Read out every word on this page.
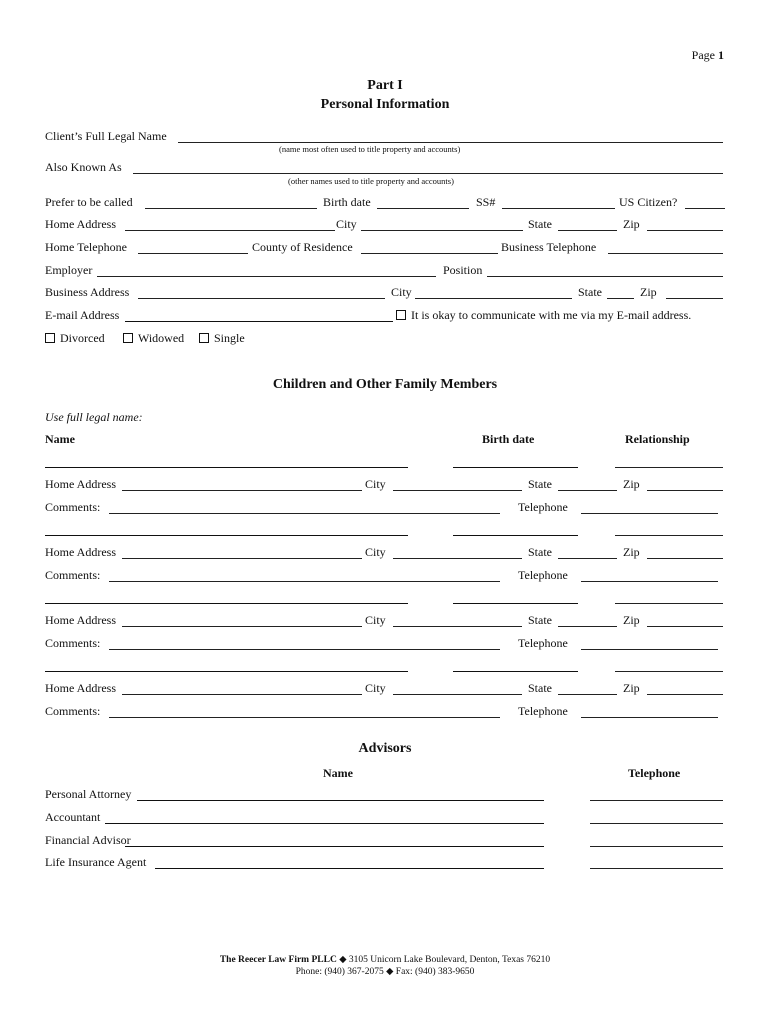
Page 1
Part I
Personal Information
Client’s Full Legal Name
(name most often used to title property and accounts)
Also Known As
(other names used to title property and accounts)
Prefer to be called	Birth date	SS#	US Citizen?
Home Address	City	State	Zip
Home Telephone	County of Residence	Business Telephone
Employer	Position
Business Address	City	State	Zip
E-mail Address	It is okay to communicate with me via my E-mail address.
Divorced	Widowed	Single
Children and Other Family Members
Use full legal name:
Name	Birth date	Relationship
Home Address	City	State	Zip
Comments:	Telephone
Home Address	City	State	Zip
Comments:	Telephone
Home Address	City	State	Zip
Comments:	Telephone
Home Address	City	State	Zip
Comments:	Telephone
Advisors
Name	Telephone
Personal Attorney
Accountant
Financial Advisor
Life Insurance Agent
The Reecer Law Firm PLLC ◆ 3105 Unicorn Lake Boulevard, Denton, Texas 76210
Phone: (940) 367-2075 ◆ Fax: (940) 383-9650
